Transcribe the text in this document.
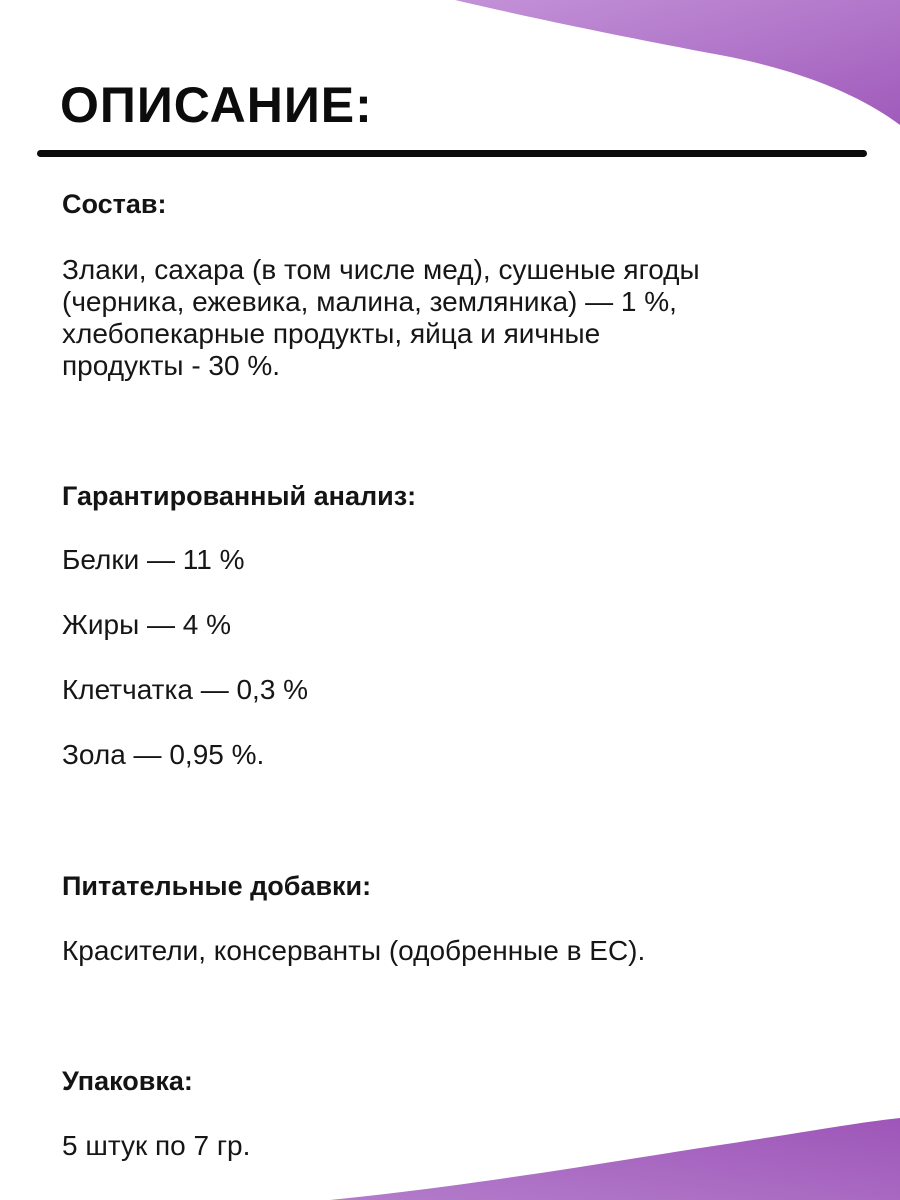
ОПИСАНИЕ:
Состав:
Злаки, сахара (в том числе мед), сушеные ягоды
(черника, ежевика, малина, земляника) — 1 %,
хлебопекарные продукты, яйца и яичные
продукты - 30 %.
Гарантированный анализ:

Белки — 11 %

Жиры — 4 %

Клетчатка — 0,3 %

Зола — 0,95 %.

Питательные добавки:

Красители, консерванты (одобренные в ЕС).

Упаковка:

5 штук по 7 гр.
